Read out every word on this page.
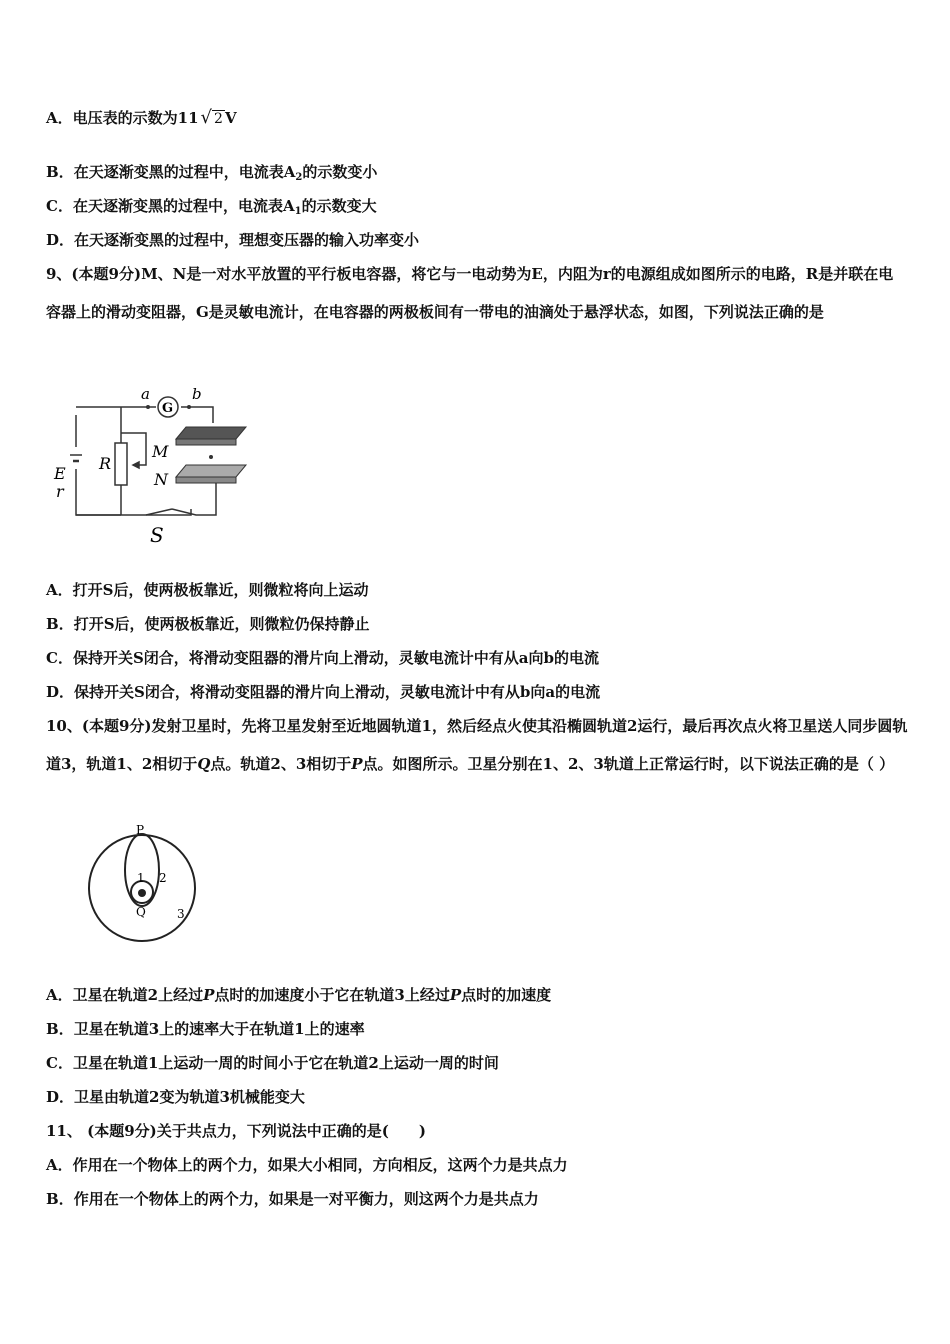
A．电压表的示数为11 √ 2 V
B．在天逐渐变黑的过程中，电流表$A_2$的示数变小
C．在天逐渐变黑的过程中，电流表$A_1$的示数变大
D．在天逐渐变黑的过程中，理想变压器的输入功率变小
9、(本题9分)M、N是一对水平放置的平行板电容器，将它与一电动势为E，内阻为r的电源组成如图所示的电路，R是并联在电容器上的滑动变阻器，G是灵敏电流计，在电容器的两极板间有一带电的油滴处于悬浮状态，如图，下列说法正确的是
G
a	b
M
N
R
E
r
S
A．打开S后，使两极板靠近，则微粒将向上运动
B．打开S后，使两极板靠近，则微粒仍保持静止
C．保持开关S闭合，将滑动变阻器的滑片向上滑动，灵敏电流计中有从a向b的电流
D．保持开关S闭合，将滑动变阻器的滑片向上滑动，灵敏电流计中有从b向a的电流
10、(本题9分)发射卫星时，先将卫星发射至近地圆轨道1，然后经点火使其沿椭圆轨道2运行，最后再次点火将卫星送人同步圆轨道3，轨道1、2相切于Q点。轨道2、3相切于P点。如图所示。卫星分别在1、2、3轨道上正常运行时，以下说法正确的是（ ）
P
Q
1 2
3
A．卫星在轨道2上经过P点时的加速度小于它在轨道3上经过P点时的加速度
B．卫星在轨道3上的速率大于在轨道1上的速率
C．卫星在轨道1上运动一周的时间小于它在轨道2上运动一周的时间
D．卫星由轨道2变为轨道3机械能变大
11、 (本题9分)关于共点力，下列说法中正确的是(　　)
A．作用在一个物体上的两个力，如果大小相同，方向相反，这两个力是共点力
B．作用在一个物体上的两个力，如果是一对平衡力，则这两个力是共点力
